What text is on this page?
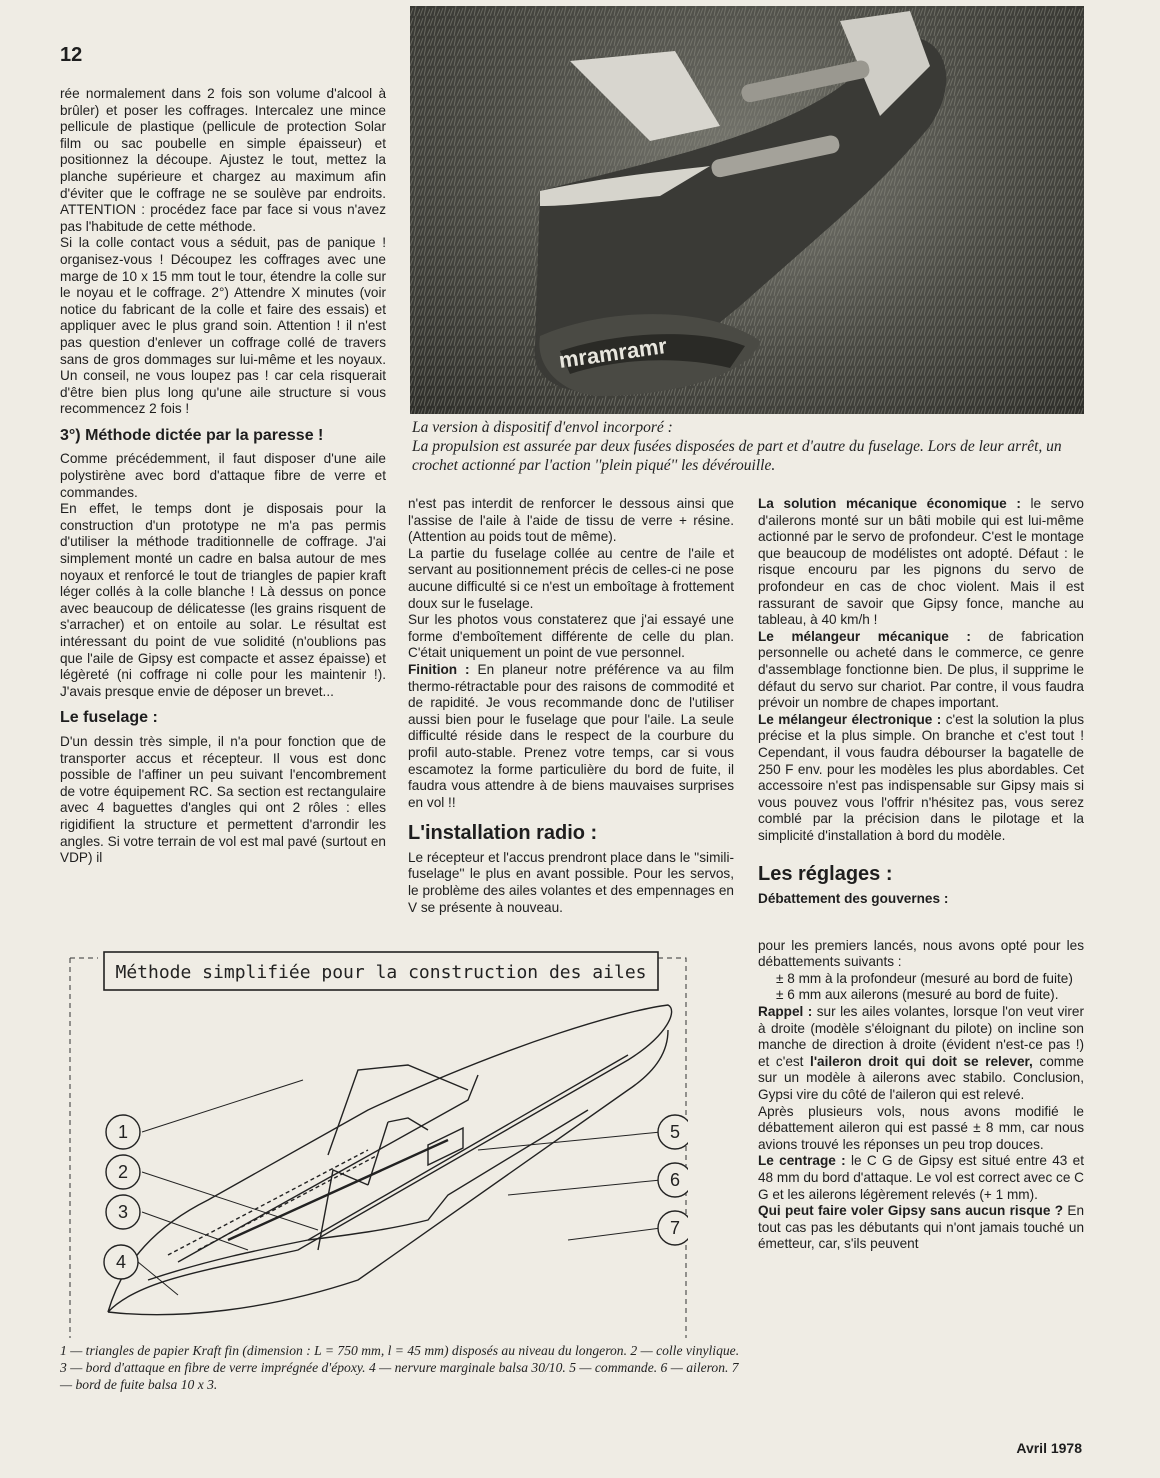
12

mramramr
La version à dispositif d'envol incorporé :
La propulsion est assurée par deux fusées disposées de part et d'autre du fuselage. Lors de leur arrêt, un crochet actionné par l'action ''plein piqué'' les dévérouille.

rée normalement dans 2 fois son volume d'alcool à brûler) et poser les coffrages. Intercalez une mince pellicule de plastique (pellicule de protection Solar film ou sac poubelle en simple épaisseur) et positionnez la découpe. Ajustez le tout, mettez la planche supérieure et chargez au maximum afin d'éviter que le coffrage ne se soulève par endroits. ATTENTION : procédez face par face si vous n'avez pas l'habitude de cette méthode.

Si la colle contact vous a séduit, pas de panique ! organisez-vous ! Découpez les coffrages avec une marge de 10 x 15 mm tout le tour, étendre la colle sur le noyau et le coffrage. 2°) Attendre X minutes (voir notice du fabricant de la colle et faire des essais) et appliquer avec le plus grand soin. Attention ! il n'est pas question d'enlever un coffrage collé de travers sans de gros dommages sur lui-même et les noyaux. Un conseil, ne vous loupez pas ! car cela risquerait d'être bien plus long qu'une aile structure si vous recommencez 2 fois !

3°) Méthode dictée par la paresse !

Comme précédemment, il faut disposer d'une aile polystirène avec bord d'attaque fibre de verre et commandes.

En effet, le temps dont je disposais pour la construction d'un prototype ne m'a pas permis d'utiliser la méthode traditionnelle de coffrage. J'ai simplement monté un cadre en balsa autour de mes noyaux et renforcé le tout de triangles de papier kraft léger collés à la colle blanche ! Là dessus on ponce avec beaucoup de délicatesse (les grains risquent de s'arracher) et on entoile au solar. Le résultat est intéressant du point de vue solidité (n'oublions pas que l'aile de Gipsy est compacte et assez épaisse) et légèreté (ni coffrage ni colle pour les maintenir !). J'avais presque envie de déposer un brevet...

Le fuselage :

D'un dessin très simple, il n'a pour fonction que de transporter accus et récepteur. Il vous est donc possible de l'affiner un peu suivant l'encombrement de votre équipement RC. Sa section est rectangulaire avec 4 baguettes d'angles qui ont 2 rôles : elles rigidifient la structure et permettent d'arrondir les angles. Si votre terrain de vol est mal pavé (surtout en VDP) il

n'est pas interdit de renforcer le dessous ainsi que l'assise de l'aile à l'aide de tissu de verre + résine. (Attention au poids tout de même).

La partie du fuselage collée au centre de l'aile et servant au positionnement précis de celles-ci ne pose aucune difficulté si ce n'est un emboîtage à frottement doux sur le fuselage.

Sur les photos vous constaterez que j'ai essayé une forme d'emboîtement différente de celle du plan. C'était uniquement un point de vue personnel.

Finition : En planeur notre préférence va au film thermo-rétractable pour des raisons de commodité et de rapidité. Je vous recommande donc de l'utiliser aussi bien pour le fuselage que pour l'aile. La seule difficulté réside dans le respect de la courbure du profil auto-stable. Prenez votre temps, car si vous escamotez la forme particulière du bord de fuite, il faudra vous attendre à de biens mauvaises surprises en vol !!

L'installation radio :

Le récepteur et l'accus prendront place dans le ''simili-fuselage'' le plus en avant possible. Pour les servos, le problème des ailes volantes et des empennages en V se présente à nouveau.

La solution mécanique économique : le servo d'ailerons monté sur un bâti mobile qui est lui-même actionné par le servo de profondeur. C'est le montage que beaucoup de modélistes ont adopté. Défaut : le risque encouru par les pignons du servo de profondeur en cas de choc violent. Mais il est rassurant de savoir que Gipsy fonce, manche au tableau, à 40 km/h !

Le mélangeur mécanique : de fabrication personnelle ou acheté dans le commerce, ce genre d'assemblage fonctionne bien. De plus, il supprime le défaut du servo sur chariot. Par contre, il vous faudra prévoir un nombre de chapes important.

Le mélangeur électronique : c'est la solution la plus précise et la plus simple. On branche et c'est tout ! Cependant, il vous faudra débourser la bagatelle de 250 F env. pour les modèles les plus abordables. Cet accessoire n'est pas indispensable sur Gipsy mais si vous pouvez vous l'offrir n'hésitez pas, vous serez comblé par la précision dans le pilotage et la simplicité d'installation à bord du modèle.

Les réglages :
Débattement des gouvernes :

pour les premiers lancés, nous avons opté pour les débattements suivants :

± 8 mm à la profondeur (mesuré au bord de fuite)

± 6 mm aux ailerons (mesuré au bord de fuite).

Rappel : sur les ailes volantes, lorsque l'on veut virer à droite (modèle s'éloignant du pilote) on incline son manche de direction à droite (évident n'est-ce pas !) et c'est l'aileron droit qui doit se relever, comme sur un modèle à ailerons avec stabilo. Conclusion, Gypsi vire du côté de l'aileron qui est relevé.

Après plusieurs vols, nous avons modifié le débattement aileron qui est passé ± 8 mm, car nous avions trouvé les réponses un peu trop douces.

Le centrage : le C G de Gipsy est situé entre 43 et 48 mm du bord d'attaque. Le vol est correct avec ce C G et les ailerons légèrement relevés (+ 1 mm).

Qui peut faire voler Gipsy sans aucun risque ? En tout cas pas les débutants qui n'ont jamais touché un émetteur, car, s'ils peuvent

Méthode simplifiée pour la construction des ailes
1
2
3
4
5
6
7
1 — triangles de papier Kraft fin (dimension : L = 750 mm, l = 45 mm) disposés au niveau du longeron. 2 — colle vinylique. 3 — bord d'attaque en fibre de verre imprégnée d'époxy. 4 — nervure marginale balsa 30/10. 5 — commande. 6 — aileron. 7 — bord de fuite balsa 10 x 3.

Avril 1978
